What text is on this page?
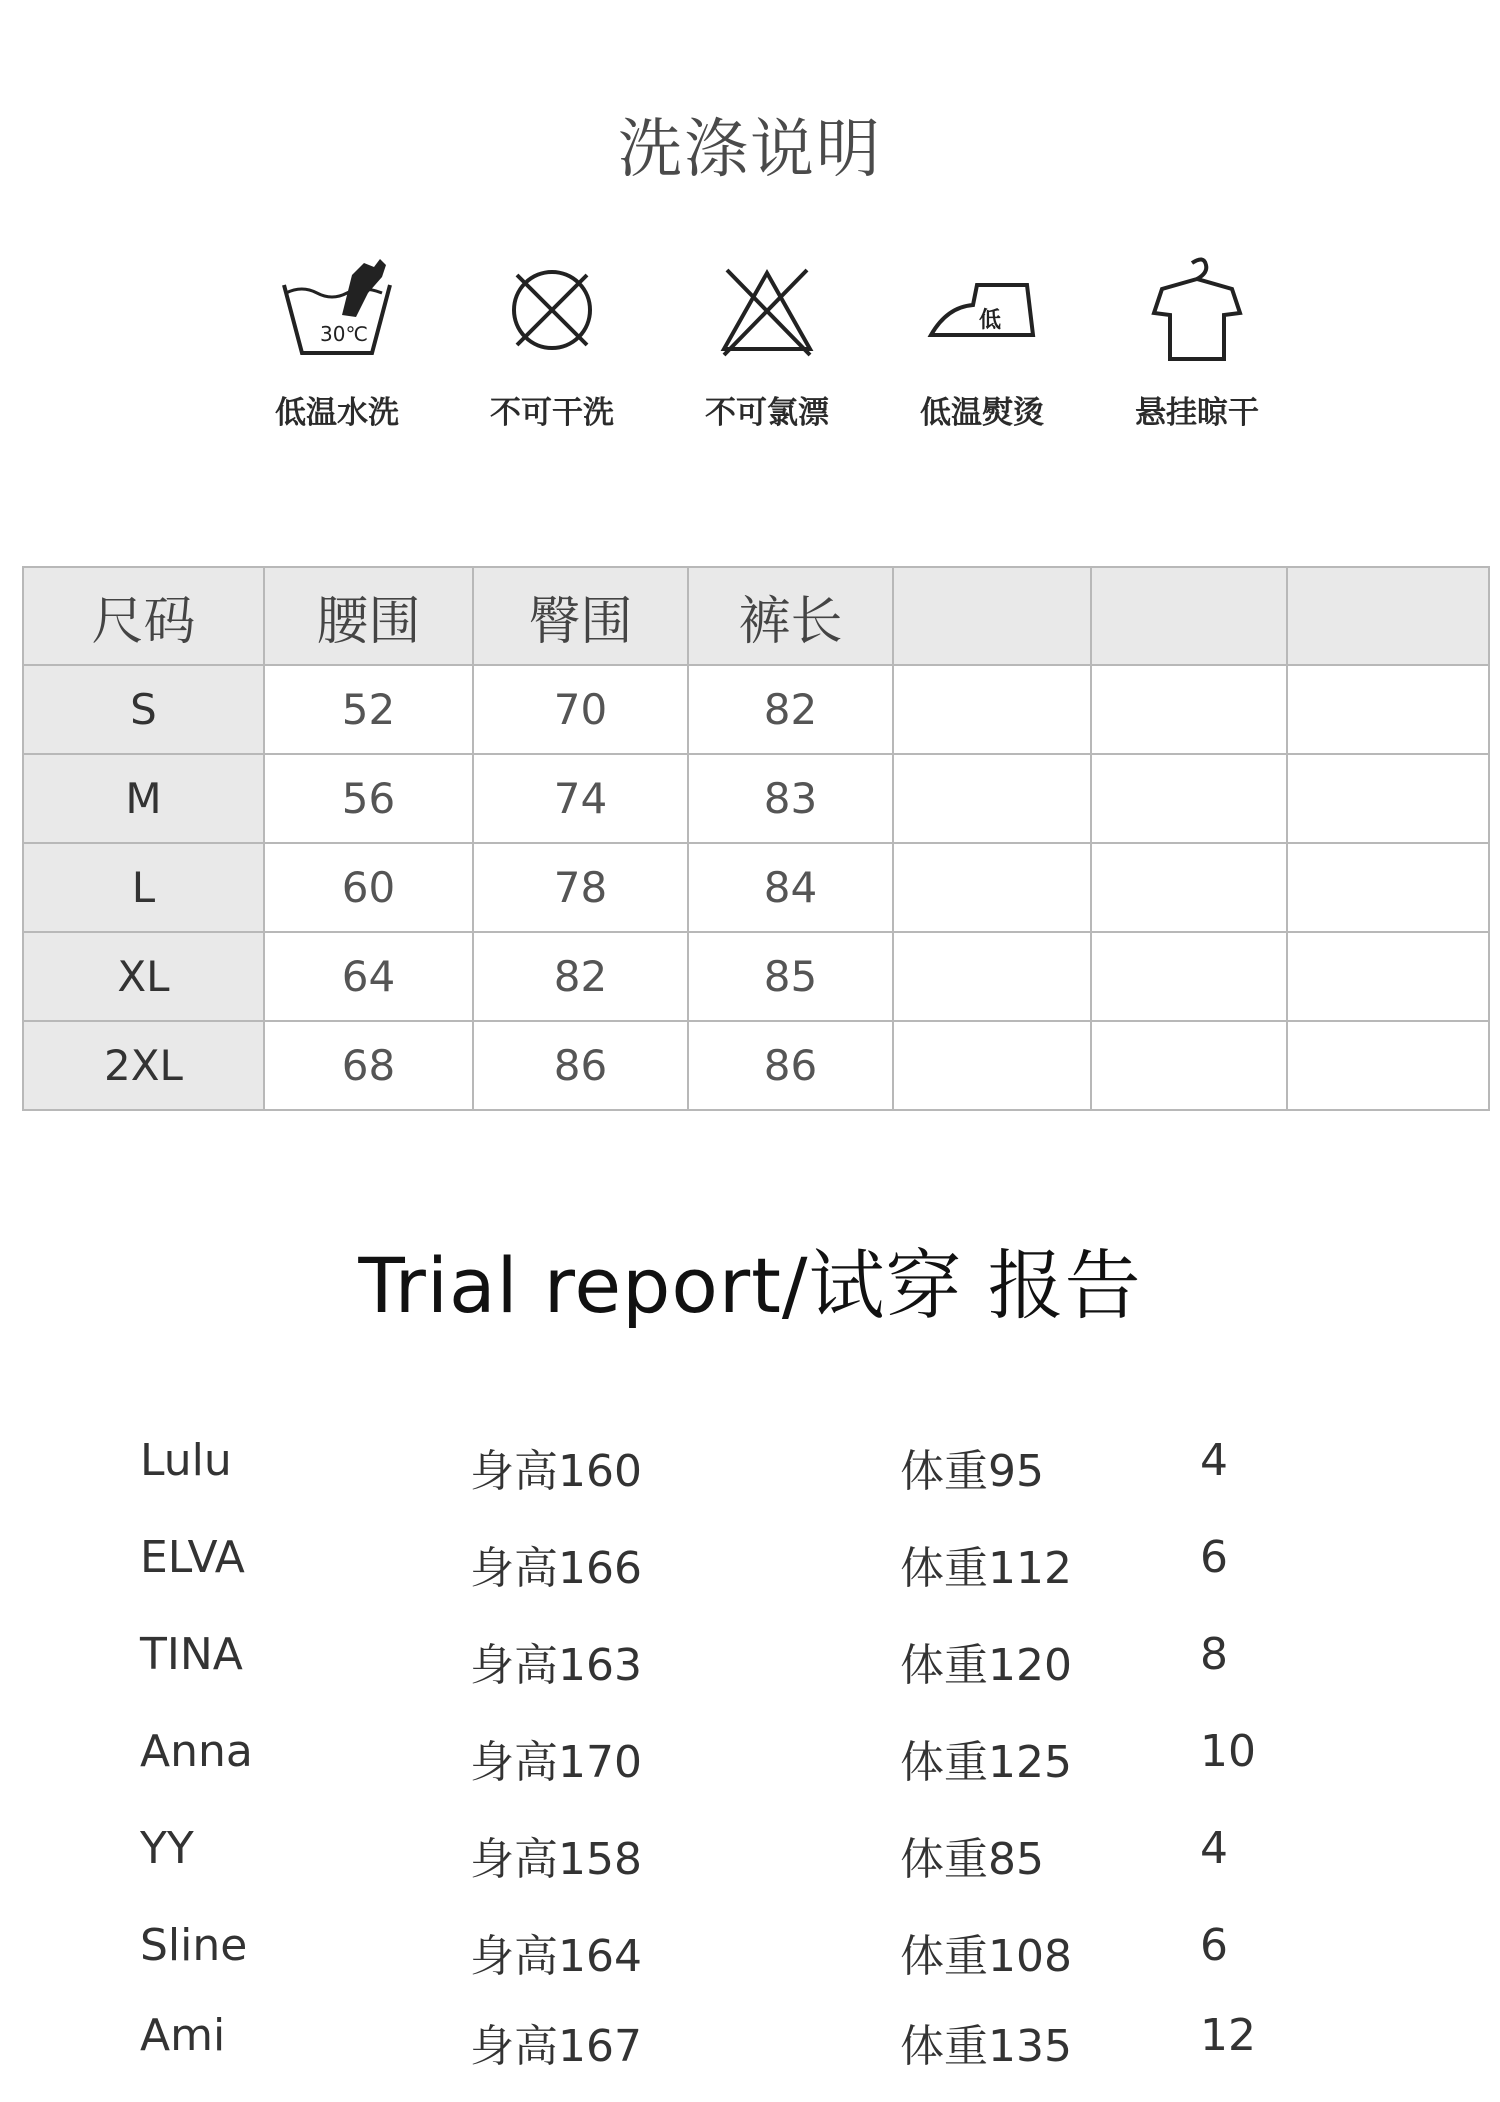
洗涤说明
30℃
低温水洗	不可干洗	不可氯漂
低
低温熨烫	悬挂晾干
尺码	腰围	臀围	裤长			
S	52	70	82			
M	56	74	83			
L	60	78	84			
XL	64	82	85			
2XL	68	86	86			
Trial report/试穿 报告
Lulu	身高160	体重95	4
ELVA	身高166	体重112	6
TINA	身高163	体重120	8
Anna	身高170	体重125	10
YY	身高158	体重85	4
Sline	身高164	体重108	6
Ami	身高167	体重135	12
